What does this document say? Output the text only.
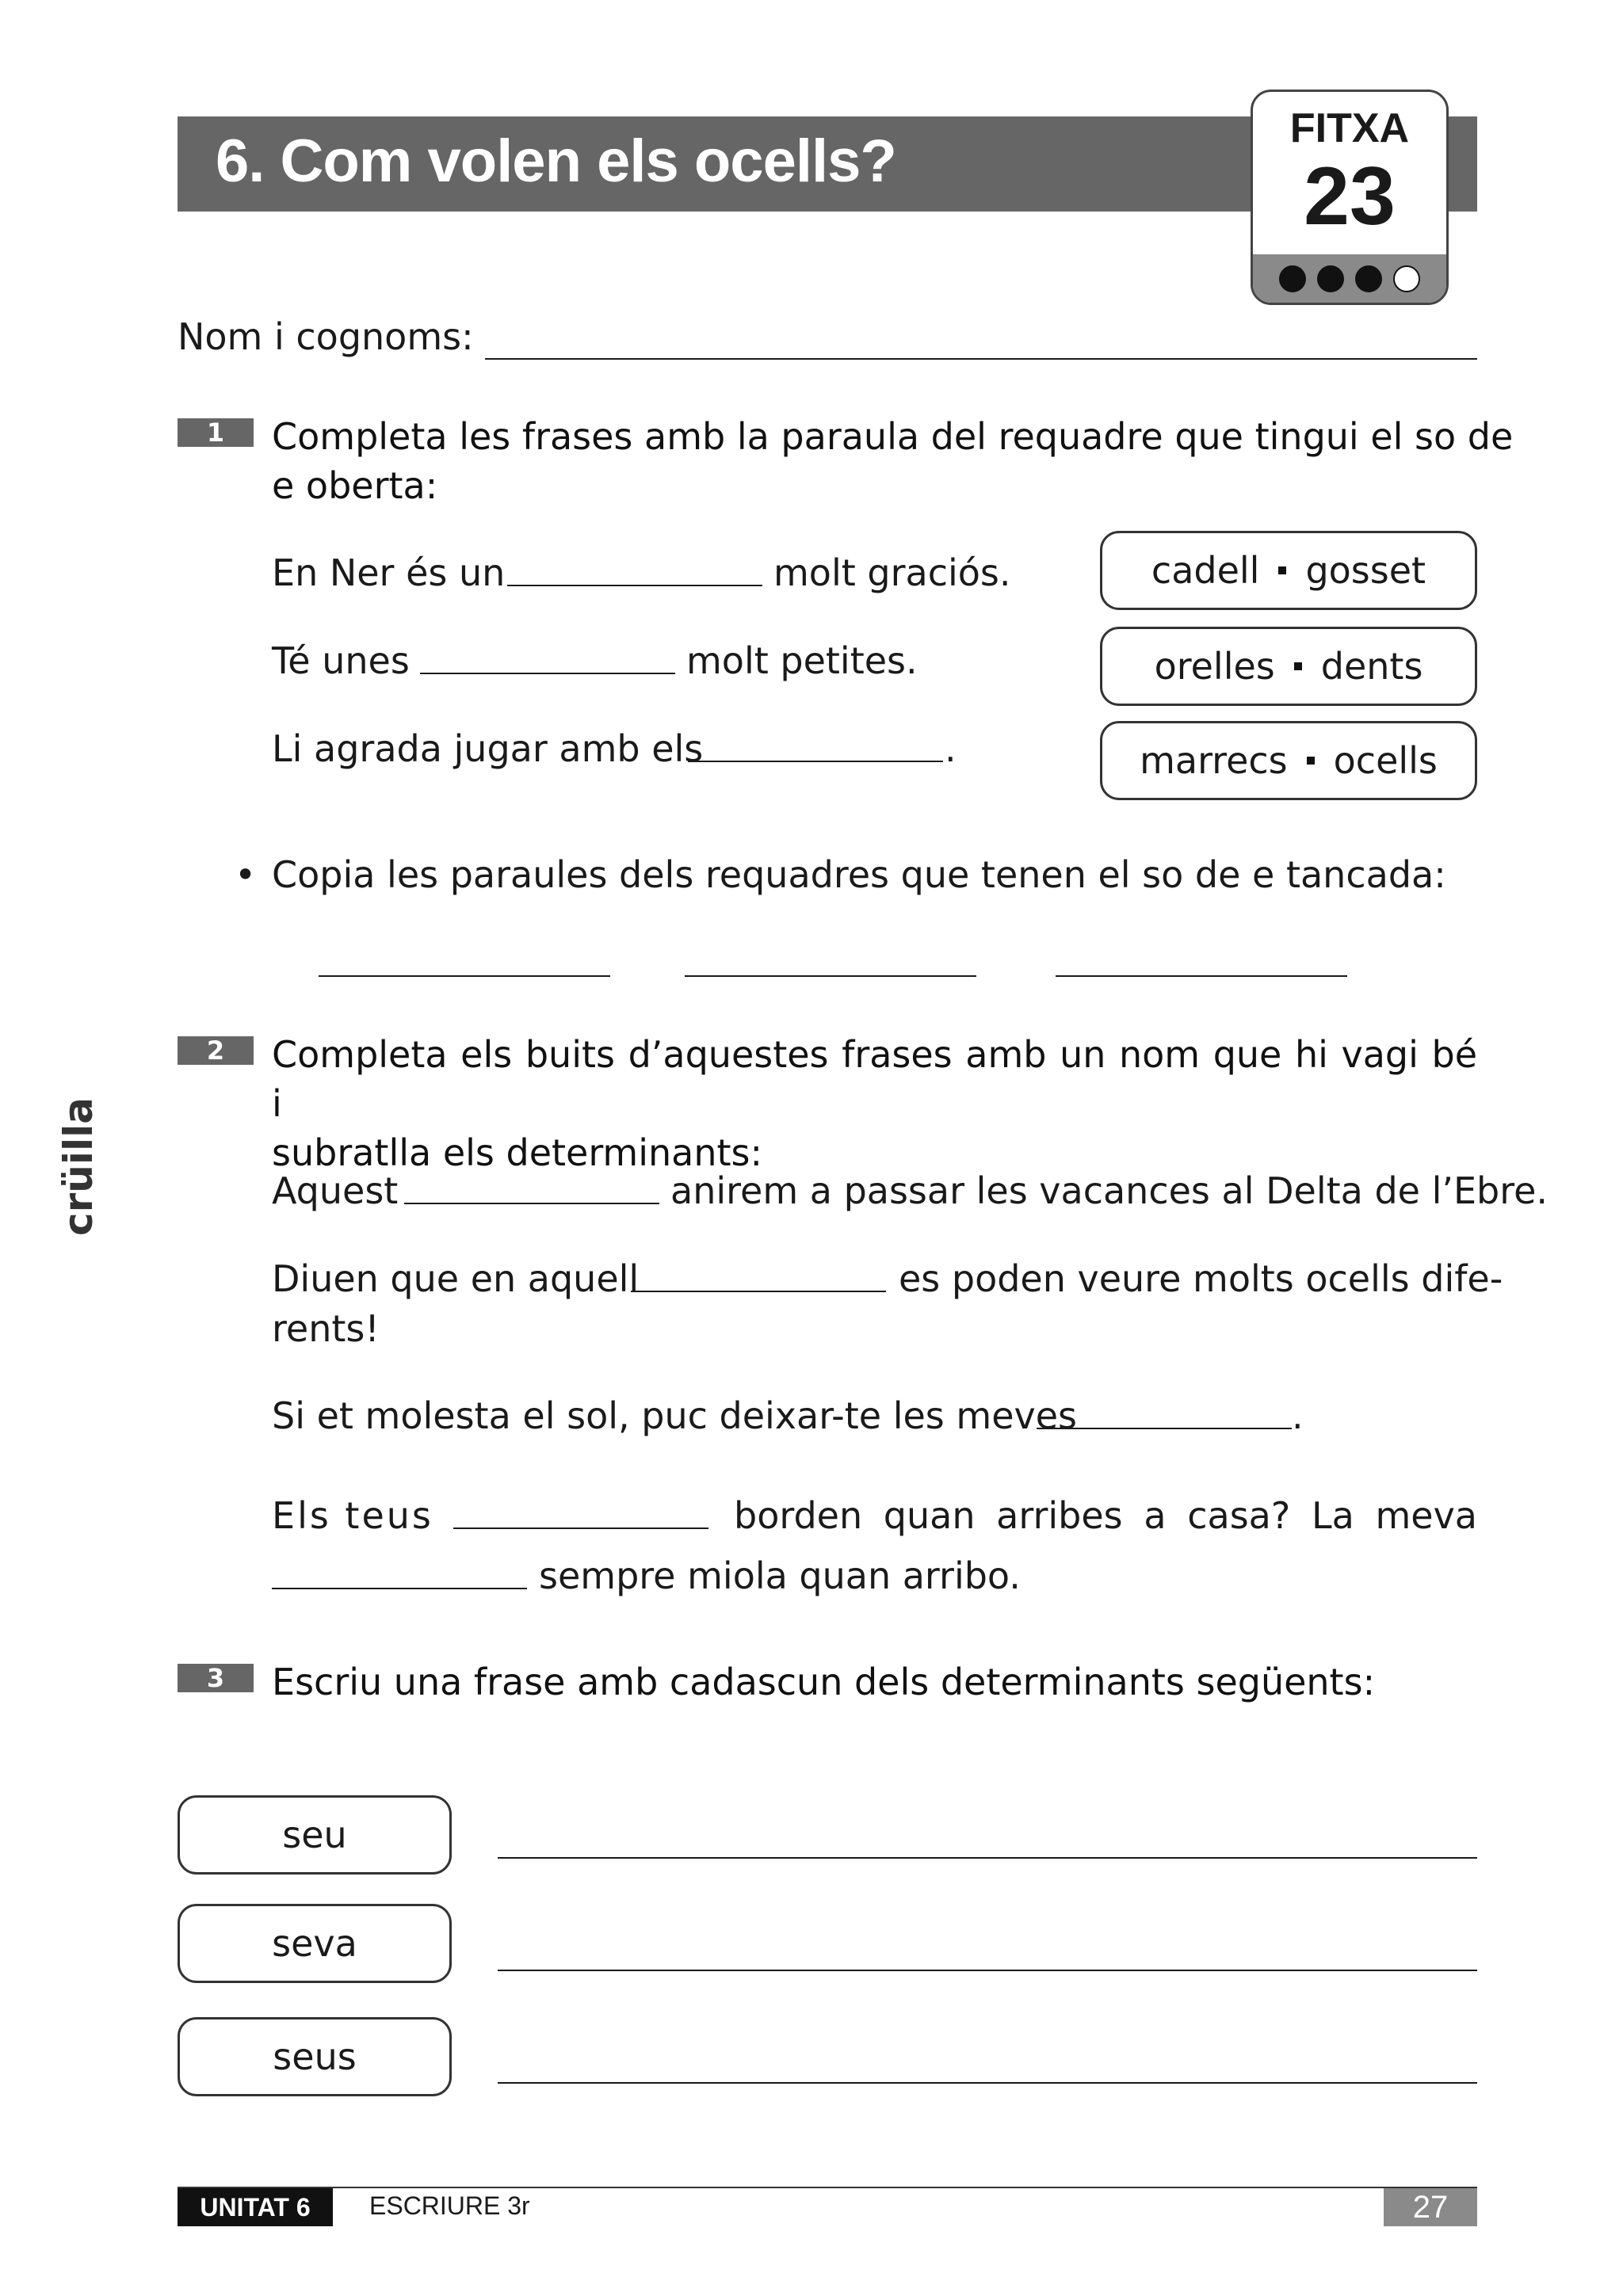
6. Com volen els ocells?	FITXA
23
Nom i cognoms:
1	Completa les frases amb la paraula del requadre que tingui el so de
e oberta:
En Ner és un	molt graciós.
Té unes	molt petites.
Li agrada jugar amb els	.
cadell gosset
orelles dents
marrecs ocells
• Copia les paraules dels requadres que tenen el so de e tancada:
2	Completa els buits d’aquestes frases amb un nom que hi vagi bé i
subratlla els determinants:
Aquest	anirem a passar les vacances al Delta de l’Ebre.
Diuen que en aquell	es poden veure molts ocells dife-
rents!
Si et molesta el sol, puc deixar-te les meves	.
Els teus	borden quan arribes a casa? La meva
sempre miola quan arribo.
3	Escriu una frase amb cadascun dels determinants següents:
seu
seva
seus
crüilla
UNITAT 6	ESCRIURE 3r	27
